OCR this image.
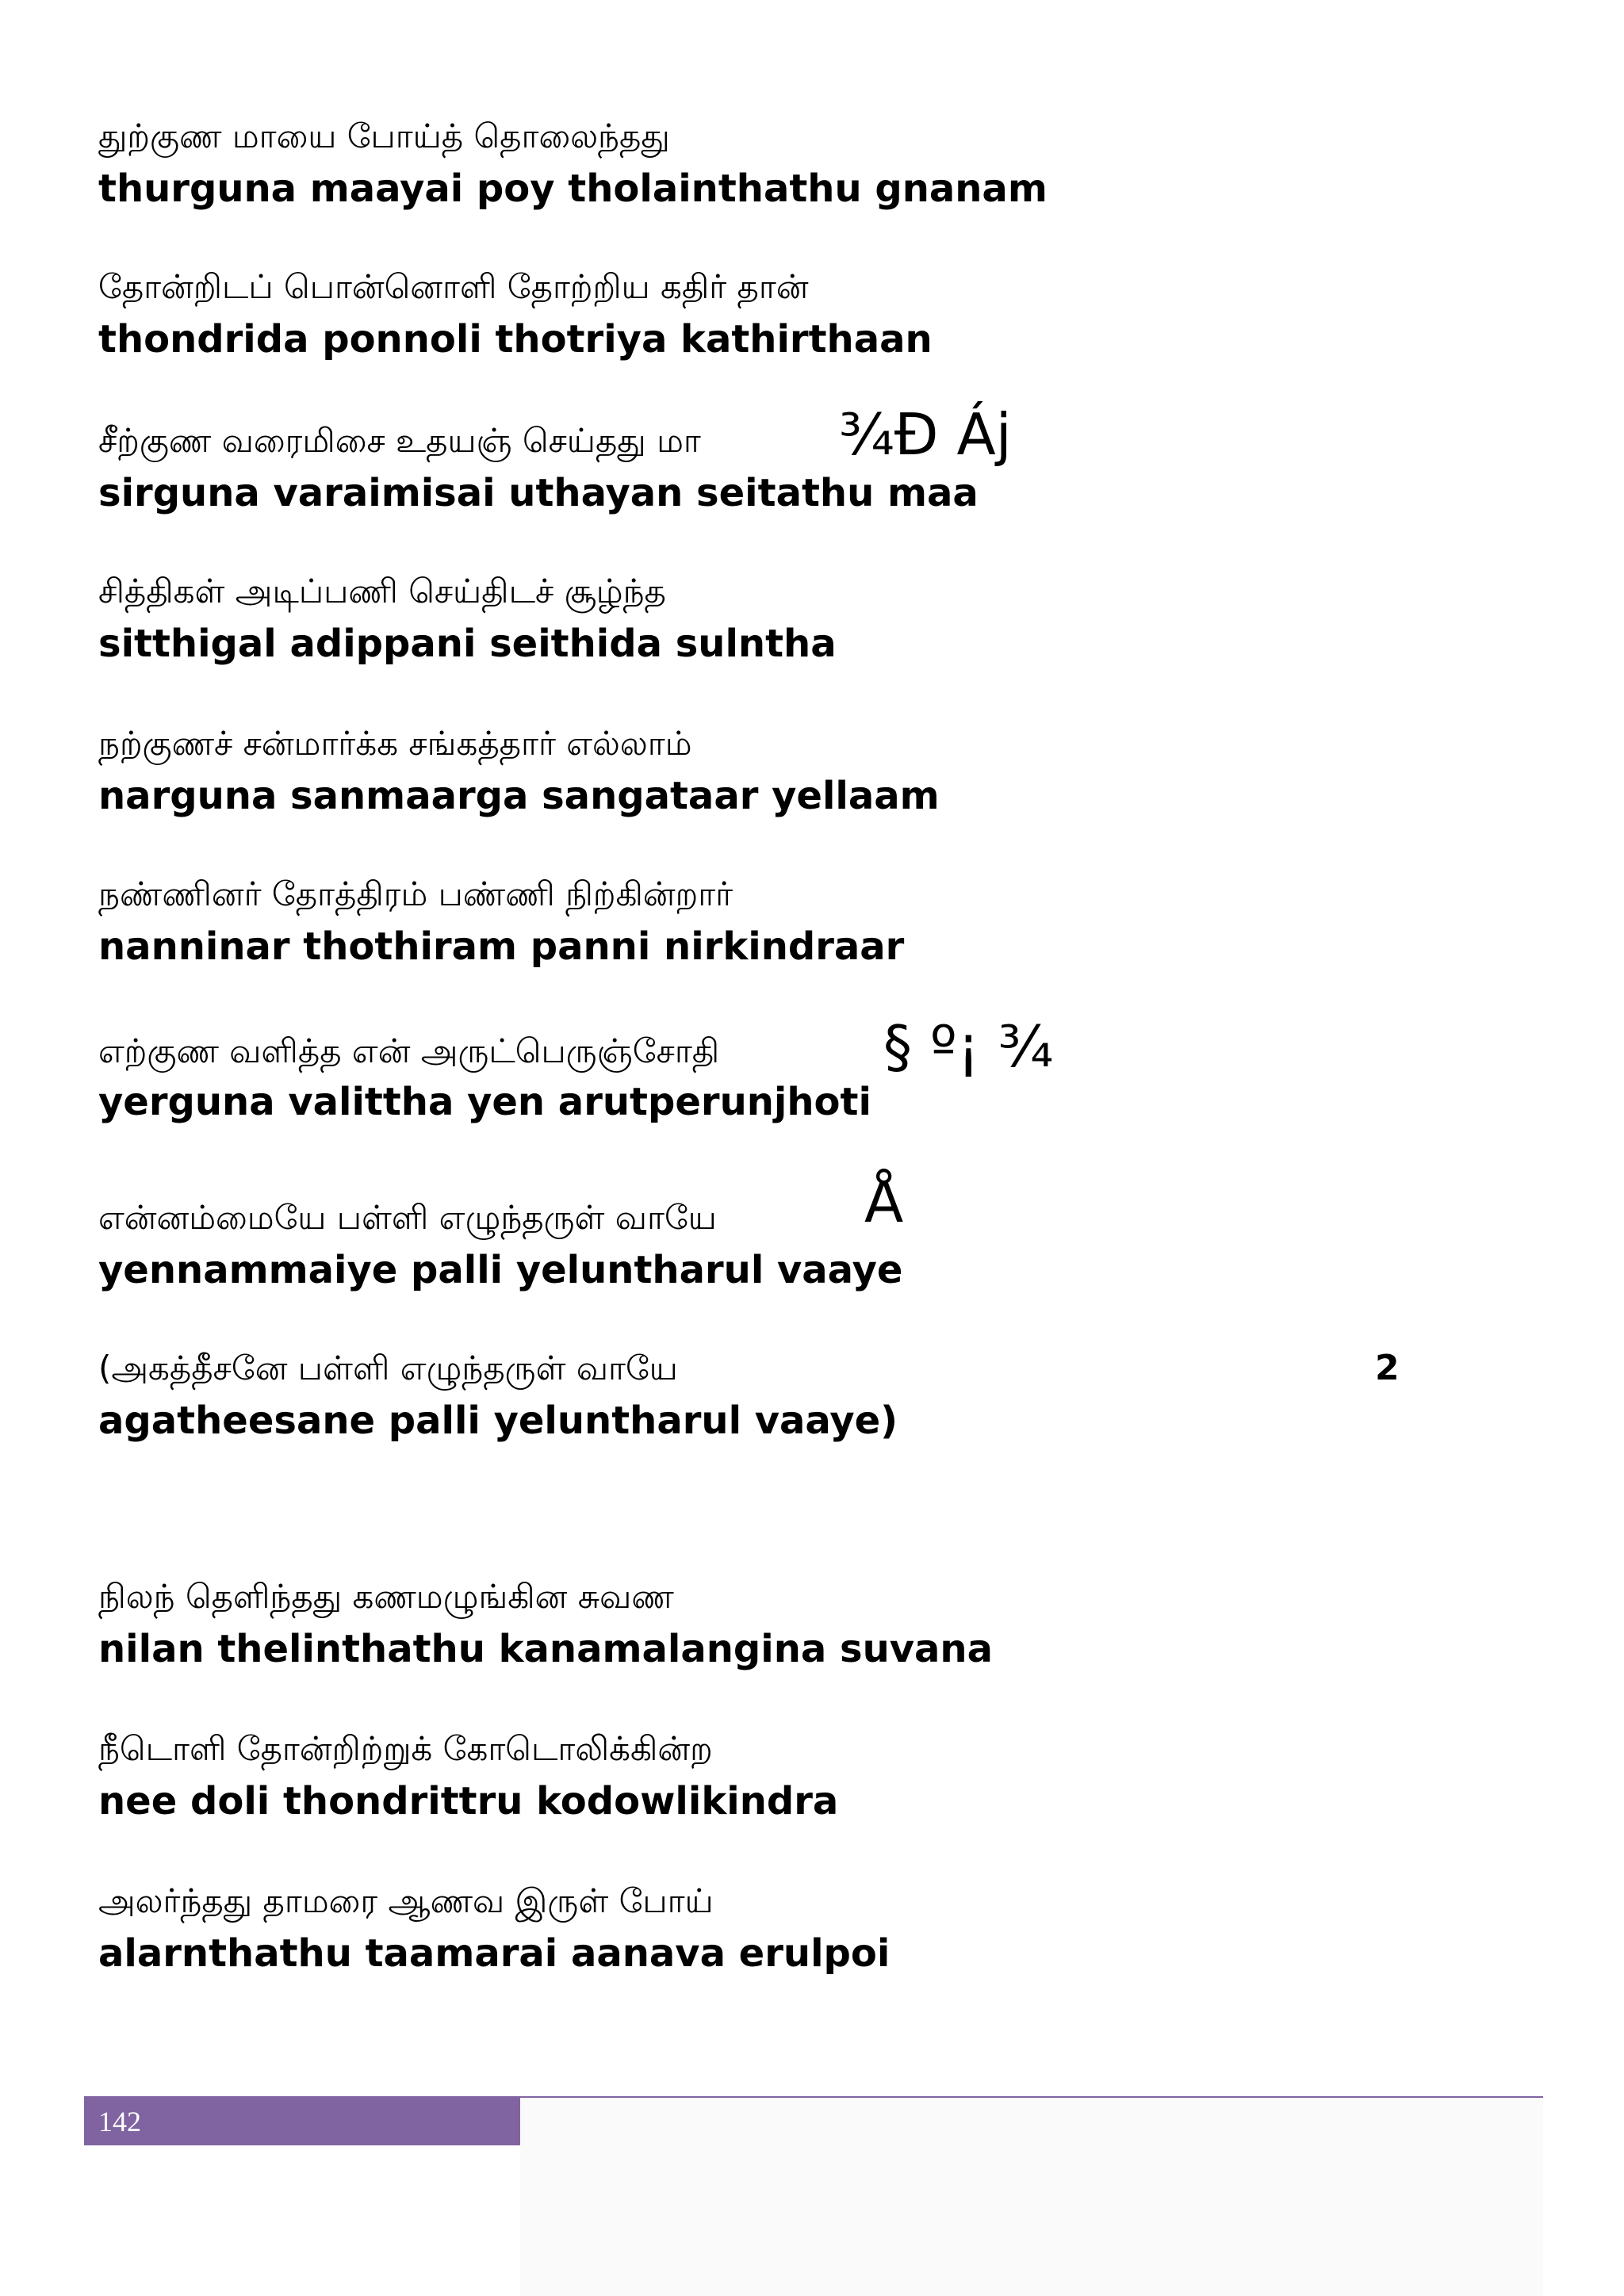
துற்குண மாயை போய்த் தொலைந்தது
thurguna maayai poy tholainthathu gnanam
தோன்றிடப் பொன்னொளி தோற்றிய கதிர் தான்
thondrida ponnoli thotriya kathirthaan
சீற்குண வரைமிசை உதயஞ் செய்தது மா ¾Ð Áj
sirguna varaimisai uthayan seitathu maa
சித்திகள் அடிப்பணி செய்திடச் சூழ்ந்த
sitthigal adippani seithida sulntha
நற்குணச் சன்மார்க்க சங்கத்தார் எல்லாம்
narguna sanmaarga sangataar yellaam
நண்ணினர் தோத்திரம் பண்ணி நிற்கின்றார்
nanninar thothiram panni nirkindraar
எற்குண வளித்த என் அருட்பெருஞ்சோதி	§ º¡ ¾
yerguna valittha yen arutperunjhoti
என்னம்மையே பள்ளி எழுந்தருள் வாயே	Å
yennammaiye palli yeluntharul vaaye
(அகத்தீசனே பள்ளி எழுந்தருள் வாயே	2
agatheesane palli yeluntharul vaaye)
நிலந் தெளிந்தது கணமழுங்கின சுவண
nilan thelinthathu kanamalangina suvana
நீடொளி தோன்றிற்றுக் கோடொலிக்கின்ற
nee doli thondrittru kodowlikindra
அலர்ந்தது தாமரை ஆணவ இருள் போய்
alarnthathu taamarai aanava erulpoi
142
